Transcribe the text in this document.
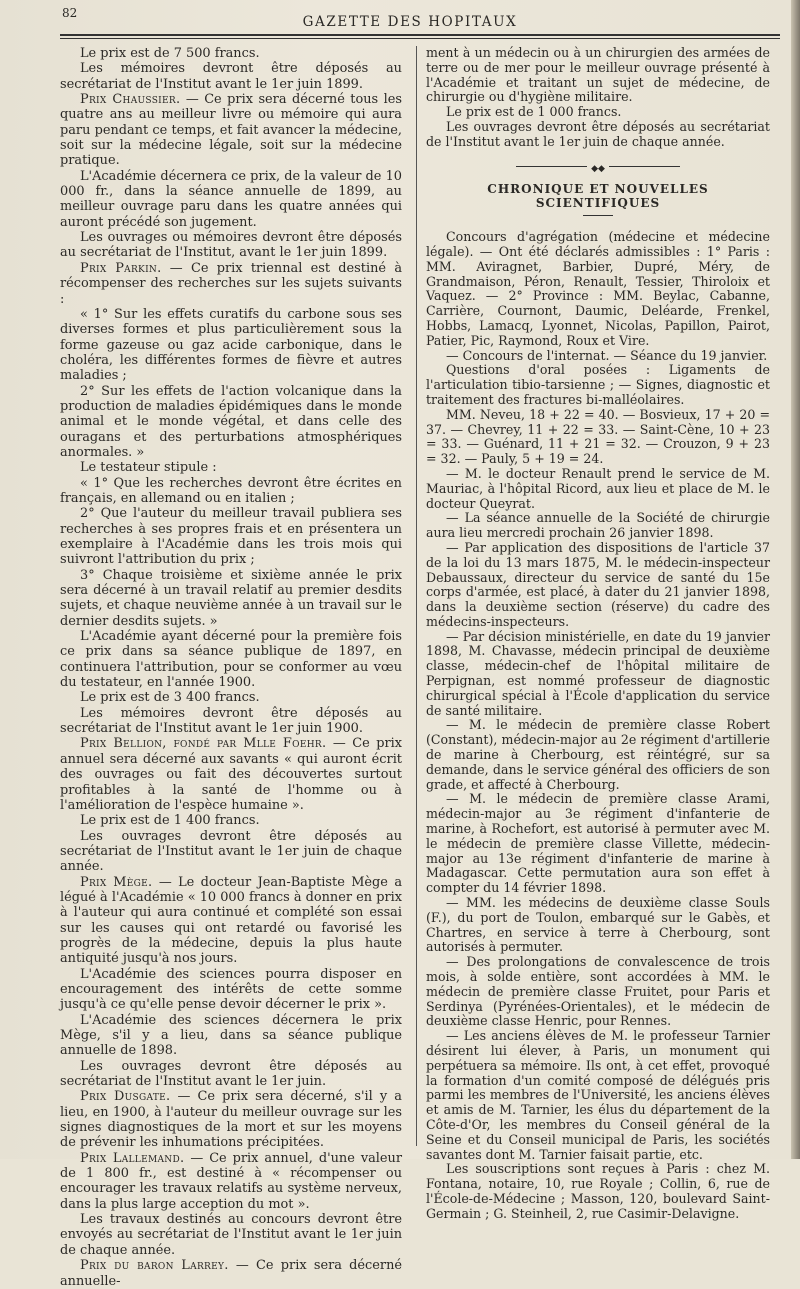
82
GAZETTE DES HOPITAUX

Le prix est de 7 500 francs.

Les mémoires devront être déposés au secrétariat de l'Institut avant le 1er juin 1899.

Prix Chaussier. — Ce prix sera décerné tous les quatre ans au meilleur livre ou mémoire qui aura paru pendant ce temps, et fait avancer la médecine, soit sur la médecine légale, soit sur la médecine pratique.

L'Académie décernera ce prix, de la valeur de 10 000 fr., dans la séance annuelle de 1899, au meilleur ouvrage paru dans les quatre années qui auront précédé son jugement.

Les ouvrages ou mémoires devront être déposés au secrétariat de l'Institut, avant le 1er juin 1899.

Prix Parkin. — Ce prix triennal est destiné à récompenser des recherches sur les sujets suivants :

« 1° Sur les effets curatifs du carbone sous ses diverses formes et plus particulièrement sous la forme gazeuse ou gaz acide carbonique, dans le choléra, les différentes formes de fièvre et autres maladies ;

2° Sur les effets de l'action volcanique dans la production de maladies épidémiques dans le monde animal et le monde végétal, et dans celle des ouragans et des perturbations atmosphériques anormales. »

Le testateur stipule :

« 1° Que les recherches devront être écrites en français, en allemand ou en italien ;

2° Que l'auteur du meilleur travail publiera ses recherches à ses propres frais et en présentera un exemplaire à l'Académie dans les trois mois qui suivront l'attribution du prix ;

3° Chaque troisième et sixième année le prix sera décerné à un travail relatif au premier desdits sujets, et chaque neuvième année à un travail sur le dernier desdits sujets. »

L'Académie ayant décerné pour la première fois ce prix dans sa séance publique de 1897, en continuera l'attribution, pour se conformer au vœu du testateur, en l'année 1900.

Le prix est de 3 400 francs.

Les mémoires devront être déposés au secrétariat de l'Institut avant le 1er juin 1900.

Prix Bellion, fondé par Mlle Foehr. — Ce prix annuel sera décerné aux savants « qui auront écrit des ouvrages ou fait des découvertes surtout profitables à la santé de l'homme ou à l'amélioration de l'espèce humaine ».

Le prix est de 1 400 francs.

Les ouvrages devront être déposés au secrétariat de l'Institut avant le 1er juin de chaque année.

Prix Mège. — Le docteur Jean-Baptiste Mège a légué à l'Académie « 10 000 francs à donner en prix à l'auteur qui aura continué et complété son essai sur les causes qui ont retardé ou favorisé les progrès de la médecine, depuis la plus haute antiquité jusqu'à nos jours.

L'Académie des sciences pourra disposer en encouragement des intérêts de cette somme jusqu'à ce qu'elle pense devoir décerner le prix ».

L'Académie des sciences décernera le prix Mège, s'il y a lieu, dans sa séance publique annuelle de 1898.

Les ouvrages devront être déposés au secrétariat de l'Institut avant le 1er juin.

Prix Dusgate. — Ce prix sera décerné, s'il y a lieu, en 1900, à l'auteur du meilleur ouvrage sur les signes diagnostiques de la mort et sur les moyens de prévenir les inhumations précipitées.

Prix Lallemand. — Ce prix annuel, d'une valeur de 1 800 fr., est destiné à « récompenser ou encourager les travaux relatifs au système nerveux, dans la plus large acception du mot ».

Les travaux destinés au concours devront être envoyés au secrétariat de l'Institut avant le 1er juin de chaque année.

Prix du baron Larrey. — Ce prix sera décerné annuelle-

ment à un médecin ou à un chirurgien des armées de terre ou de mer pour le meilleur ouvrage présenté à l'Académie et traitant un sujet de médecine, de chirurgie ou d'hygiène militaire.

Le prix est de 1 000 francs.

Les ouvrages devront être déposés au secrétariat de l'Institut avant le 1er juin de chaque année.

◆◆
CHRONIQUE ET NOUVELLES SCIENTIFIQUES

Concours d'agrégation (médecine et médecine légale). — Ont été déclarés admissibles : 1° Paris : MM. Aviragnet, Barbier, Dupré, Méry, de Grandmaison, Péron, Renault, Tessier, Thiroloix et Vaquez. — 2° Province : MM. Beylac, Cabanne, Carrière, Cournont, Daumic, Deléarde, Frenkel, Hobbs, Lamacq, Lyonnet, Nicolas, Papillon, Pairot, Patier, Pic, Raymond, Roux et Vire.

— Concours de l'internat. — Séance du 19 janvier.

Questions d'oral posées : Ligaments de l'articulation tibio-tarsienne ; — Signes, diagnostic et traitement des fractures bi-malléolaires.

MM. Neveu, 18 + 22 = 40. — Bosvieux, 17 + 20 = 37. — Chevrey, 11 + 22 = 33. — Saint-Cène, 10 + 23 = 33. — Guénard, 11 + 21 = 32. — Crouzon, 9 + 23 = 32. — Pauly, 5 + 19 = 24.

— M. le docteur Renault prend le service de M. Mauriac, à l'hôpital Ricord, aux lieu et place de M. le docteur Queyrat.

— La séance annuelle de la Société de chirurgie aura lieu mercredi prochain 26 janvier 1898.

— Par application des dispositions de l'article 37 de la loi du 13 mars 1875, M. le médecin-inspecteur Debaussaux, directeur du service de santé du 15e corps d'armée, est placé, à dater du 21 janvier 1898, dans la deuxième section (réserve) du cadre des médecins-inspecteurs.

— Par décision ministérielle, en date du 19 janvier 1898, M. Chavasse, médecin principal de deuxième classe, médecin-chef de l'hôpital militaire de Perpignan, est nommé professeur de diagnostic chirurgical spécial à l'École d'application du service de santé militaire.

— M. le médecin de première classe Robert (Constant), médecin-major au 2e régiment d'artillerie de marine à Cherbourg, est réintégré, sur sa demande, dans le service général des officiers de son grade, et affecté à Cherbourg.

— M. le médecin de première classe Arami, médecin-major au 3e régiment d'infanterie de marine, à Rochefort, est autorisé à permuter avec M. le médecin de première classe Villette, médecin-major au 13e régiment d'infanterie de marine à Madagascar. Cette permutation aura son effet à compter du 14 février 1898.

— MM. les médecins de deuxième classe Souls (F.), du port de Toulon, embarqué sur le Gabès, et Chartres, en service à terre à Cherbourg, sont autorisés à permuter.

— Des prolongations de convalescence de trois mois, à solde entière, sont accordées à MM. le médecin de première classe Fruitet, pour Paris et Serdinya (Pyrénées-Orientales), et le médecin de deuxième classe Henric, pour Rennes.

— Les anciens élèves de M. le professeur Tarnier désirent lui élever, à Paris, un monument qui perpétuera sa mémoire. Ils ont, à cet effet, provoqué la formation d'un comité composé de délégués pris parmi les membres de l'Université, les anciens élèves et amis de M. Tarnier, les élus du département de la Côte-d'Or, les membres du Conseil général de la Seine et du Conseil municipal de Paris, les sociétés savantes dont M. Tarnier faisait partie, etc.

Les souscriptions sont reçues à Paris : chez M. Fontana, notaire, 10, rue Royale ; Collin, 6, rue de l'École-de-Médecine ; Masson, 120, boulevard Saint-Germain ; G. Steinheil, 2, rue Casimir-Delavigne.
